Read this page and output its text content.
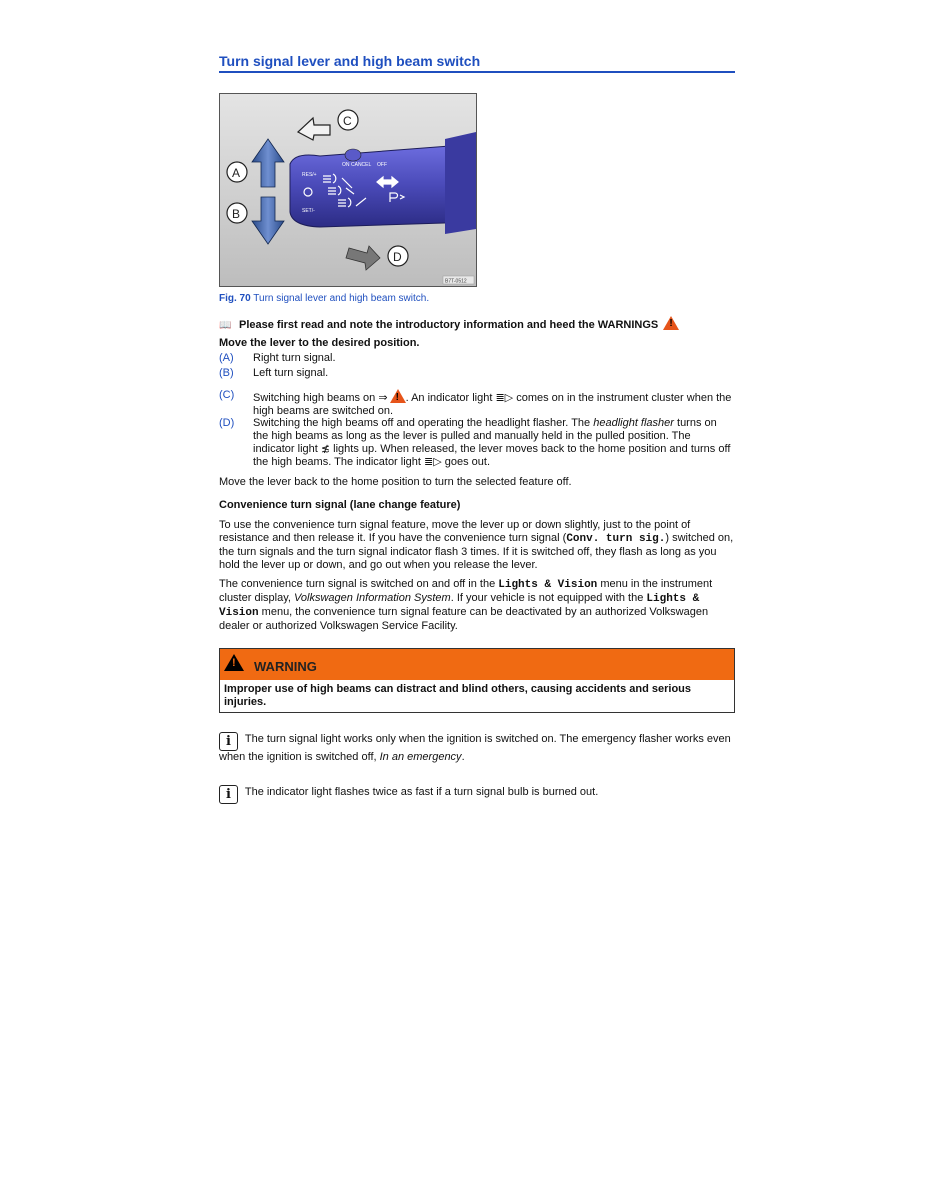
Turn signal lever and high beam switch
ON CANCEL OFF
RES/+
SET/-
C
A
B
D
B7T-0512
Fig. 70 Turn signal lever and high beam switch.
📖 Please first read and note the introductory information and heed the WARNINGS !
Move the lever to the desired position.
(A) Right turn signal.
(B) Left turn signal.
(C) Switching high beams on ⇒ ! . An indicator light ≣▷ comes on in the instrument cluster when the high beams are switched on.
(D) Switching the high beams off and operating the headlight flasher. The headlight flasher turns on the high beams as long as the lever is pulled and manually held in the pulled position. The indicator light ≴ lights up. When released, the lever moves back to the home position and turns off the high beams. The indicator light ≣▷ goes out.
Move the lever back to the home position to turn the selected feature off.
Convenience turn signal (lane change feature)
To use the convenience turn signal feature, move the lever up or down slightly, just to the point of resistance and then release it. If you have the convenience turn signal (Conv. turn sig.) switched on, the turn signals and the turn signal indicator flash 3 times. If it is switched off, they flash as long as you hold the lever up or down, and go out when you release the lever.
The convenience turn signal is switched on and off in the Lights & Vision menu in the instrument cluster display, Volkswagen Information System. If your vehicle is not equipped with the Lights & Vision menu, the convenience turn signal feature can be deactivated by an authorized Volkswagen dealer or authorized Volkswagen Service Facility.
! WARNING
Improper use of high beams can distract and blind others, causing accidents and serious injuries.
i The turn signal light works only when the ignition is switched on. The emergency flasher works even when the ignition is switched off, In an emergency.
i The indicator light flashes twice as fast if a turn signal bulb is burned out.
